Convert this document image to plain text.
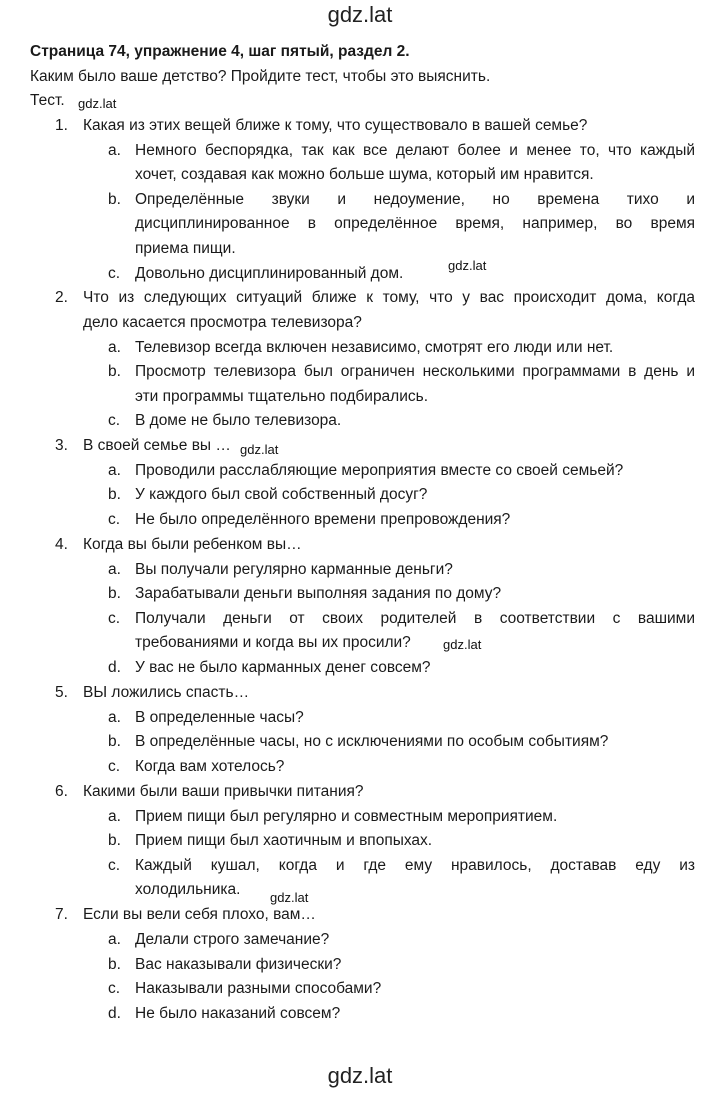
gdz.lat
Страница 74, упражнение 4, шаг пятый, раздел 2.
Каким было ваше детство? Пройдите тест, чтобы это выяснить.
Тест. gdz.lat
gdz.lat
gdz.lat
gdz.lat
gdz.lat
1. Какая из этих вещей ближе к тому, что существовало в вашей семье?
a. Немного беспорядка, так как все делают более и менее то, что каждый
хочет, создавая как можно больше шума, который им нравится.
b. Определённые звуки и недоумение, но времена тихо и
дисциплинированное в определённое время, например, во время
приема пищи.
c. Довольно дисциплинированный дом.
2. Что из следующих ситуаций ближе к тому, что у вас происходит дома, когда
дело касается просмотра телевизора?
a. Телевизор всегда включен независимо, смотрят его люди или нет.
b. Просмотр телевизора был ограничен несколькими программами в день и
эти программы тщательно подбирались.
c. В доме не было телевизора.
3. В своей семье вы …
a. Проводили расслабляющие мероприятия вместе со своей семьей?
b. У каждого был свой собственный досуг?
c. Не было определённого времени препровождения?
4. Когда вы были ребенком вы…
a. Вы получали регулярно карманные деньги?
b. Зарабатывали деньги выполняя задания по дому?
c. Получали деньги от своих родителей в соответствии с вашими
требованиями и когда вы их просили?
d. У вас не было карманных денег совсем?
5. ВЫ ложились спасть…
a. В определенные часы?
b. В определённые часы, но с исключениями по особым событиям?
c. Когда вам хотелось?
6. Какими были ваши привычки питания?
a. Прием пищи был регулярно и совместным мероприятием.
b. Прием пищи был хаотичным и впопыхах.
c. Каждый кушал, когда и где ему нравилось, доставав еду из
холодильника.
7. Если вы вели себя плохо, вам…
a. Делали строго замечание?
b. Вас наказывали физически?
c. Наказывали разными способами?
d. Не было наказаний совсем?
gdz.lat
